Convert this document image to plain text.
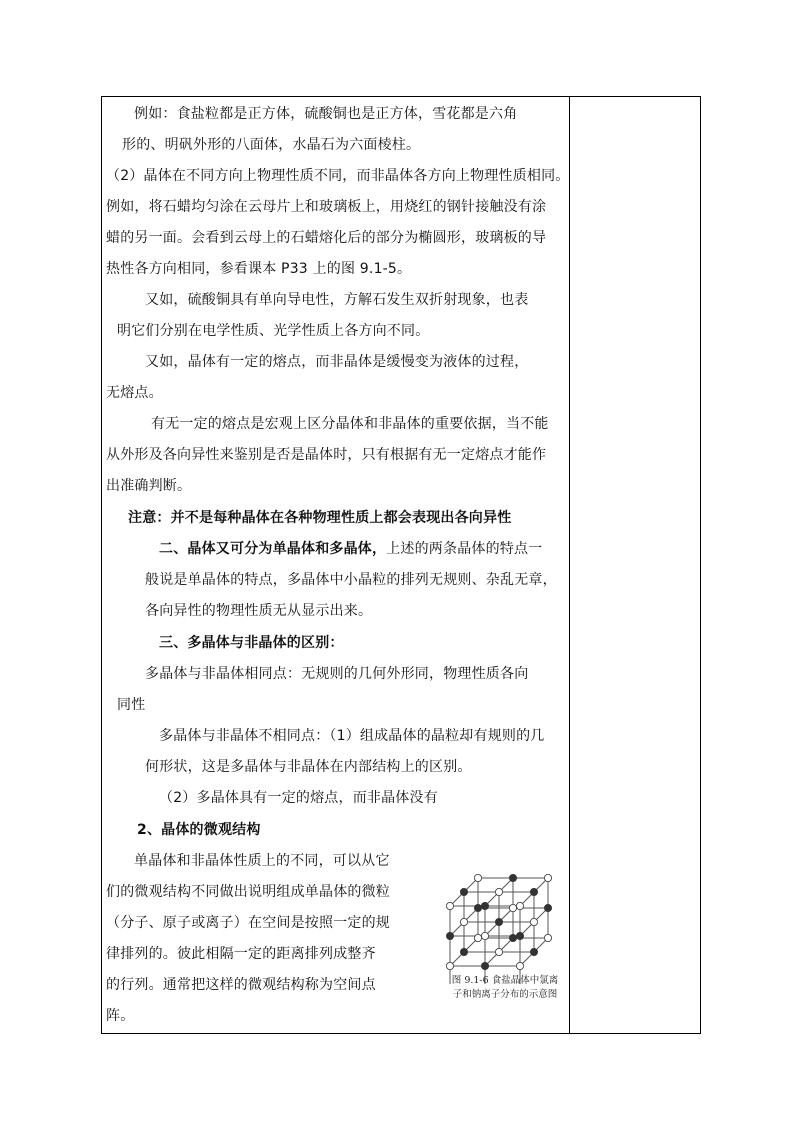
例如：食盐粒都是正方体，硫酸铜也是正方体，雪花都是六角
形的、明矾外形的八面体，水晶石为六面棱柱。
（2）晶体在不同方向上物理性质不同，而非晶体各方向上物理性质相同。
例如，将石蜡均匀涂在云母片上和玻璃板上，用烧红的钢针接触没有涂
蜡的另一面。会看到云母上的石蜡熔化后的部分为椭圆形，玻璃板的导
热性各方向相同，参看课本 P33 上的图 9.1-5。
又如，硫酸铜具有单向导电性，方解石发生双折射现象，也表
明它们分别在电学性质、光学性质上各方向不同。
又如，晶体有一定的熔点，而非晶体是缓慢变为液体的过程，
无熔点。
有无一定的熔点是宏观上区分晶体和非晶体的重要依据，当不能
从外形及各向异性来鉴别是否是晶体时，只有根据有无一定熔点才能作
出准确判断。
注意：并不是每种晶体在各种物理性质上都会表现出各向异性
二、晶体又可分为单晶体和多晶体，上述的两条晶体的特点一
般说是单晶体的特点，多晶体中小晶粒的排列无规则、杂乱无章，
各向异性的物理性质无从显示出来。
三、多晶体与非晶体的区别：
多晶体与非晶体相同点：无规则的几何外形同，物理性质各向
同性
多晶体与非晶体不相同点：（1）组成晶体的晶粒却有规则的几
何形状，这是多晶体与非晶体在内部结构上的区别。
（2）多晶体具有一定的熔点，而非晶体没有
2、晶体的微观结构
单晶体和非晶体性质上的不同，可以从它
们的微观结构不同做出说明组成单晶体的微粒
（分子、原子或离子）在空间是按照一定的规
律排列的。彼此相隔一定的距离排列成整齐
的行列。通常把这样的微观结构称为空间点
阵。
图 9.1-6 食盐晶体中氯离
子和钠离子分布的示意图
